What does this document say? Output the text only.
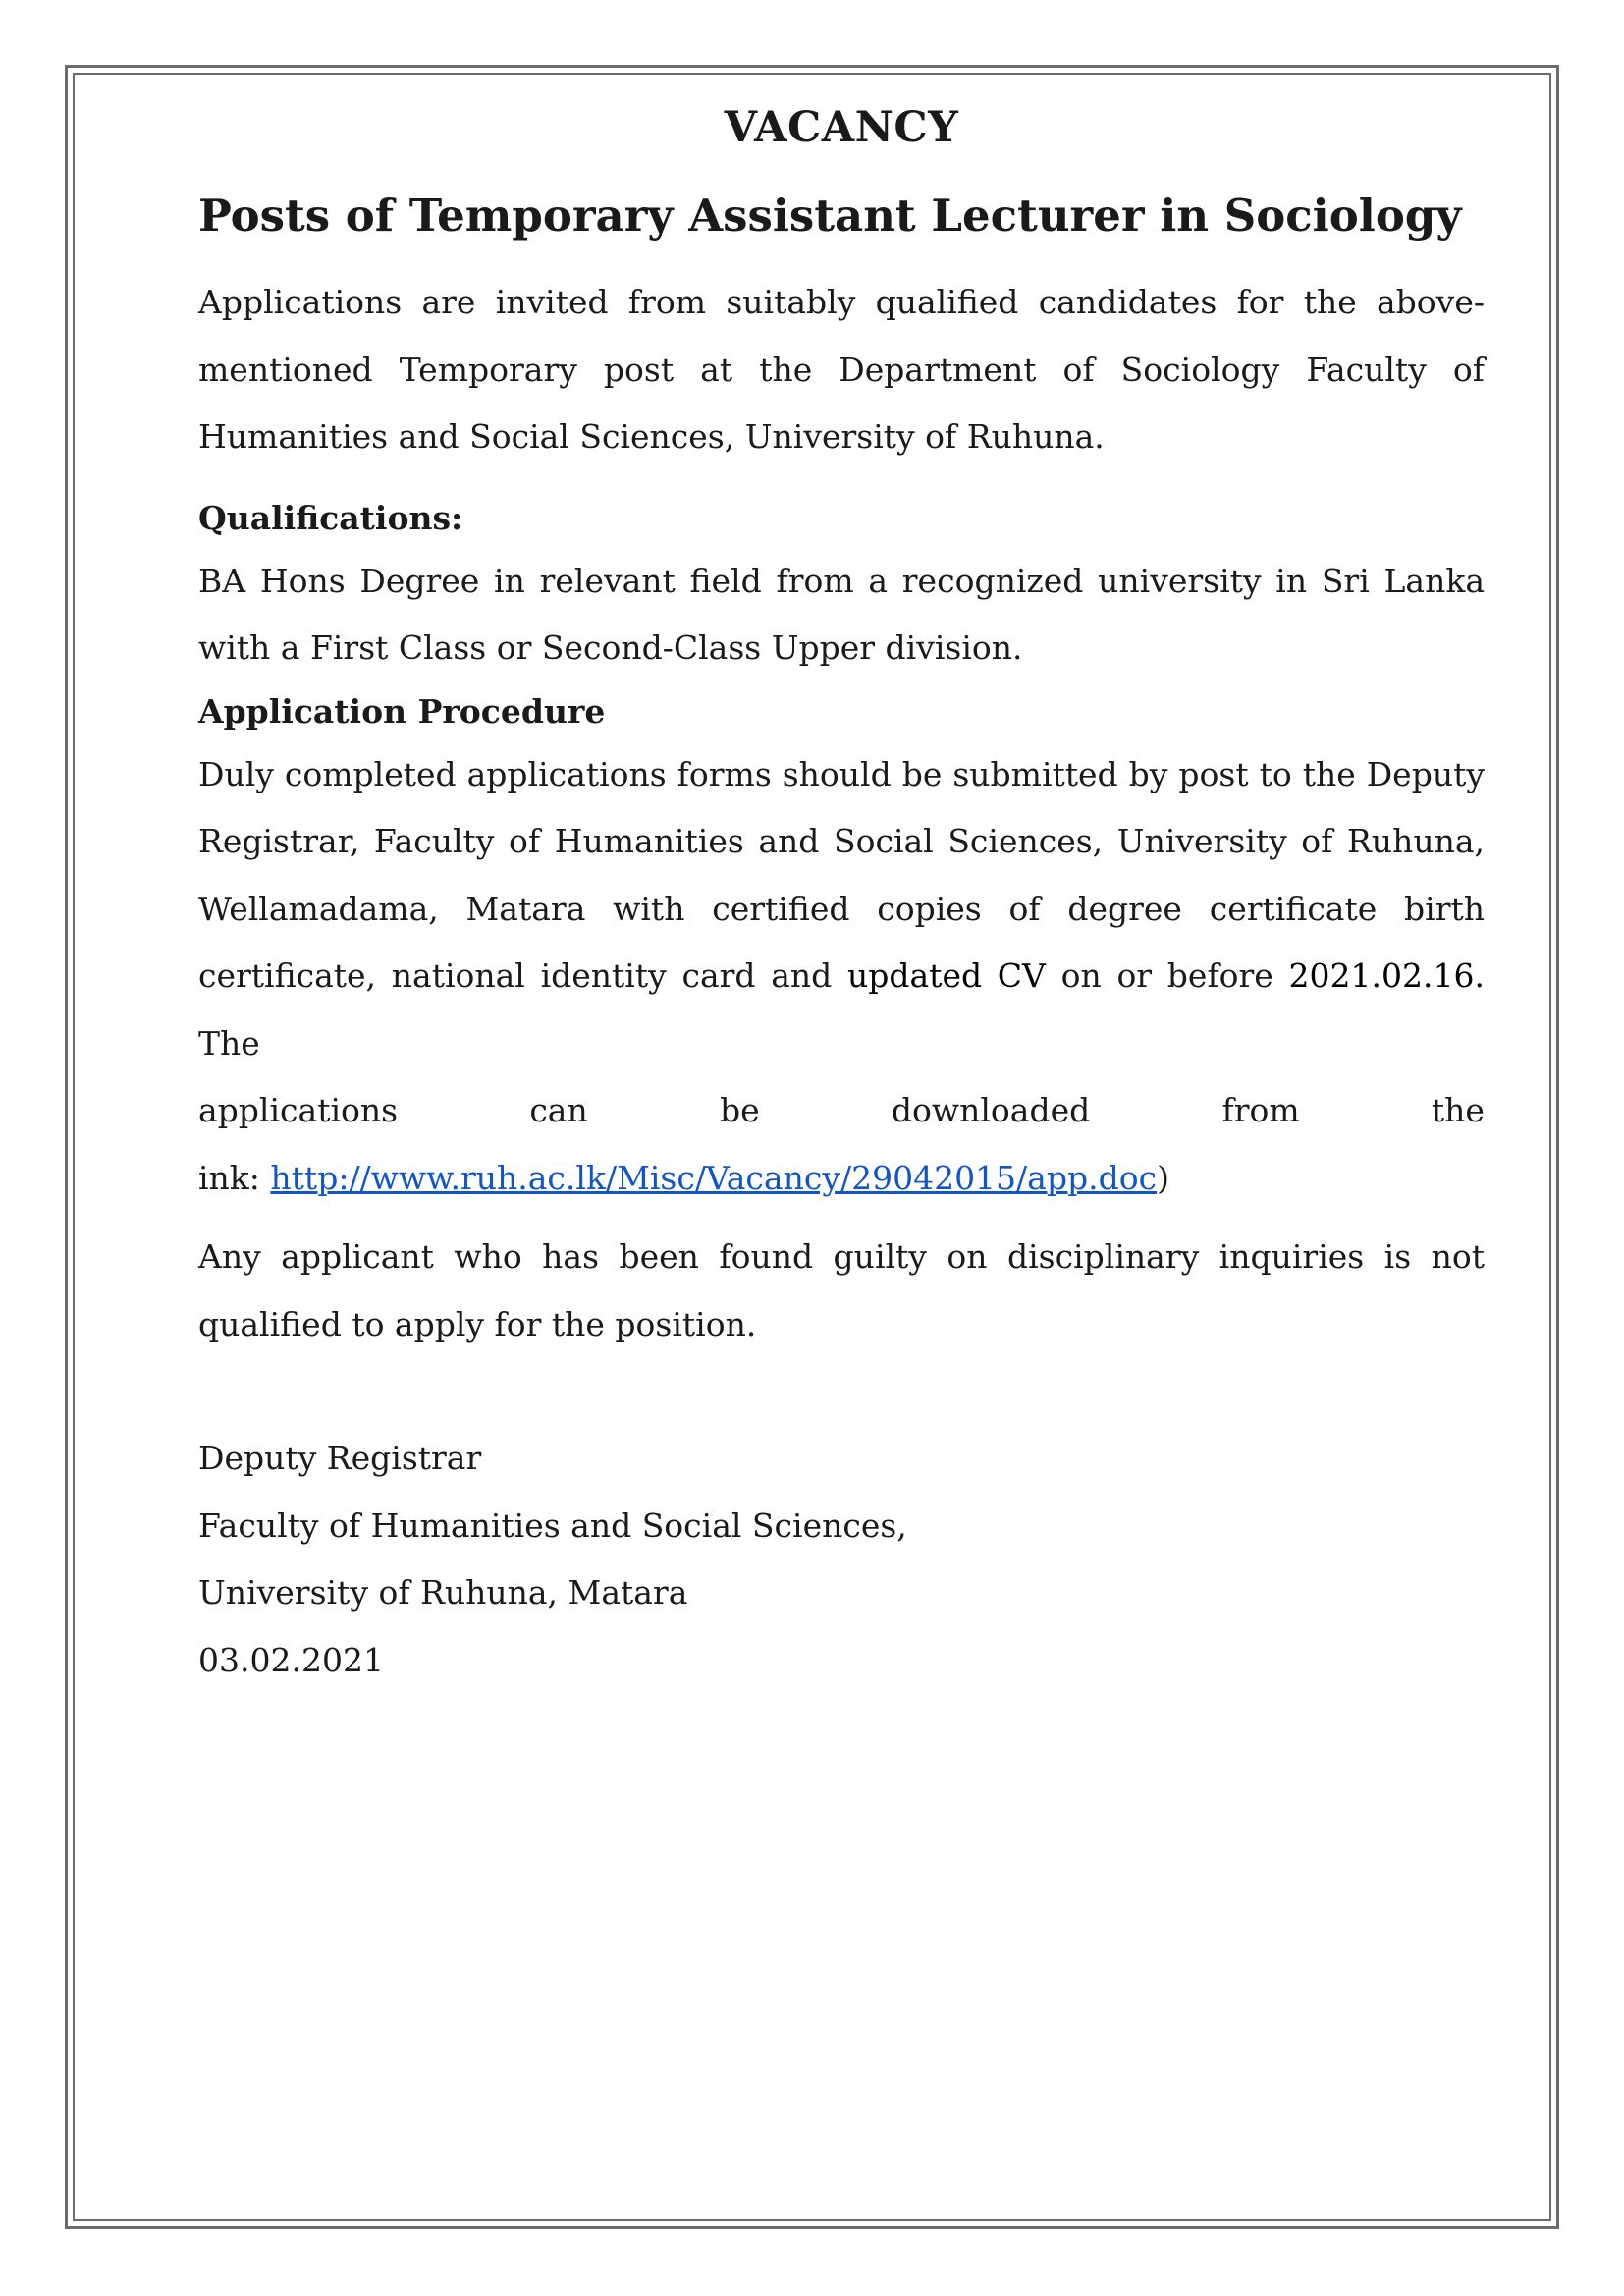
VACANCY
Posts of Temporary Assistant Lecturer in Sociology

Applications are invited from suitably qualified candidates for the above-mentioned Temporary post at the Department of Sociology Faculty of Humanities and Social Sciences, University of Ruhuna.

Qualifications:

BA Hons Degree in relevant field from a recognized university in Sri Lanka with a First Class or Second-Class Upper division.

Application Procedure

Duly completed applications forms should be submitted by post to the Deputy Registrar, Faculty of Humanities and Social Sciences, University of Ruhuna, Wellamadama, Matara with certified copies of degree certificate birth certificate, national identity card and updated CV on or before 2021.02.16. The

applications	can	be	downloaded	from	the

ink: http://www.ruh.ac.lk/Misc/Vacancy/29042015/app.doc)

Any applicant who has been found guilty on disciplinary inquiries is not qualified to apply for the position.

Deputy Registrar

Faculty of Humanities and Social Sciences,

University of Ruhuna, Matara

03.02.2021
